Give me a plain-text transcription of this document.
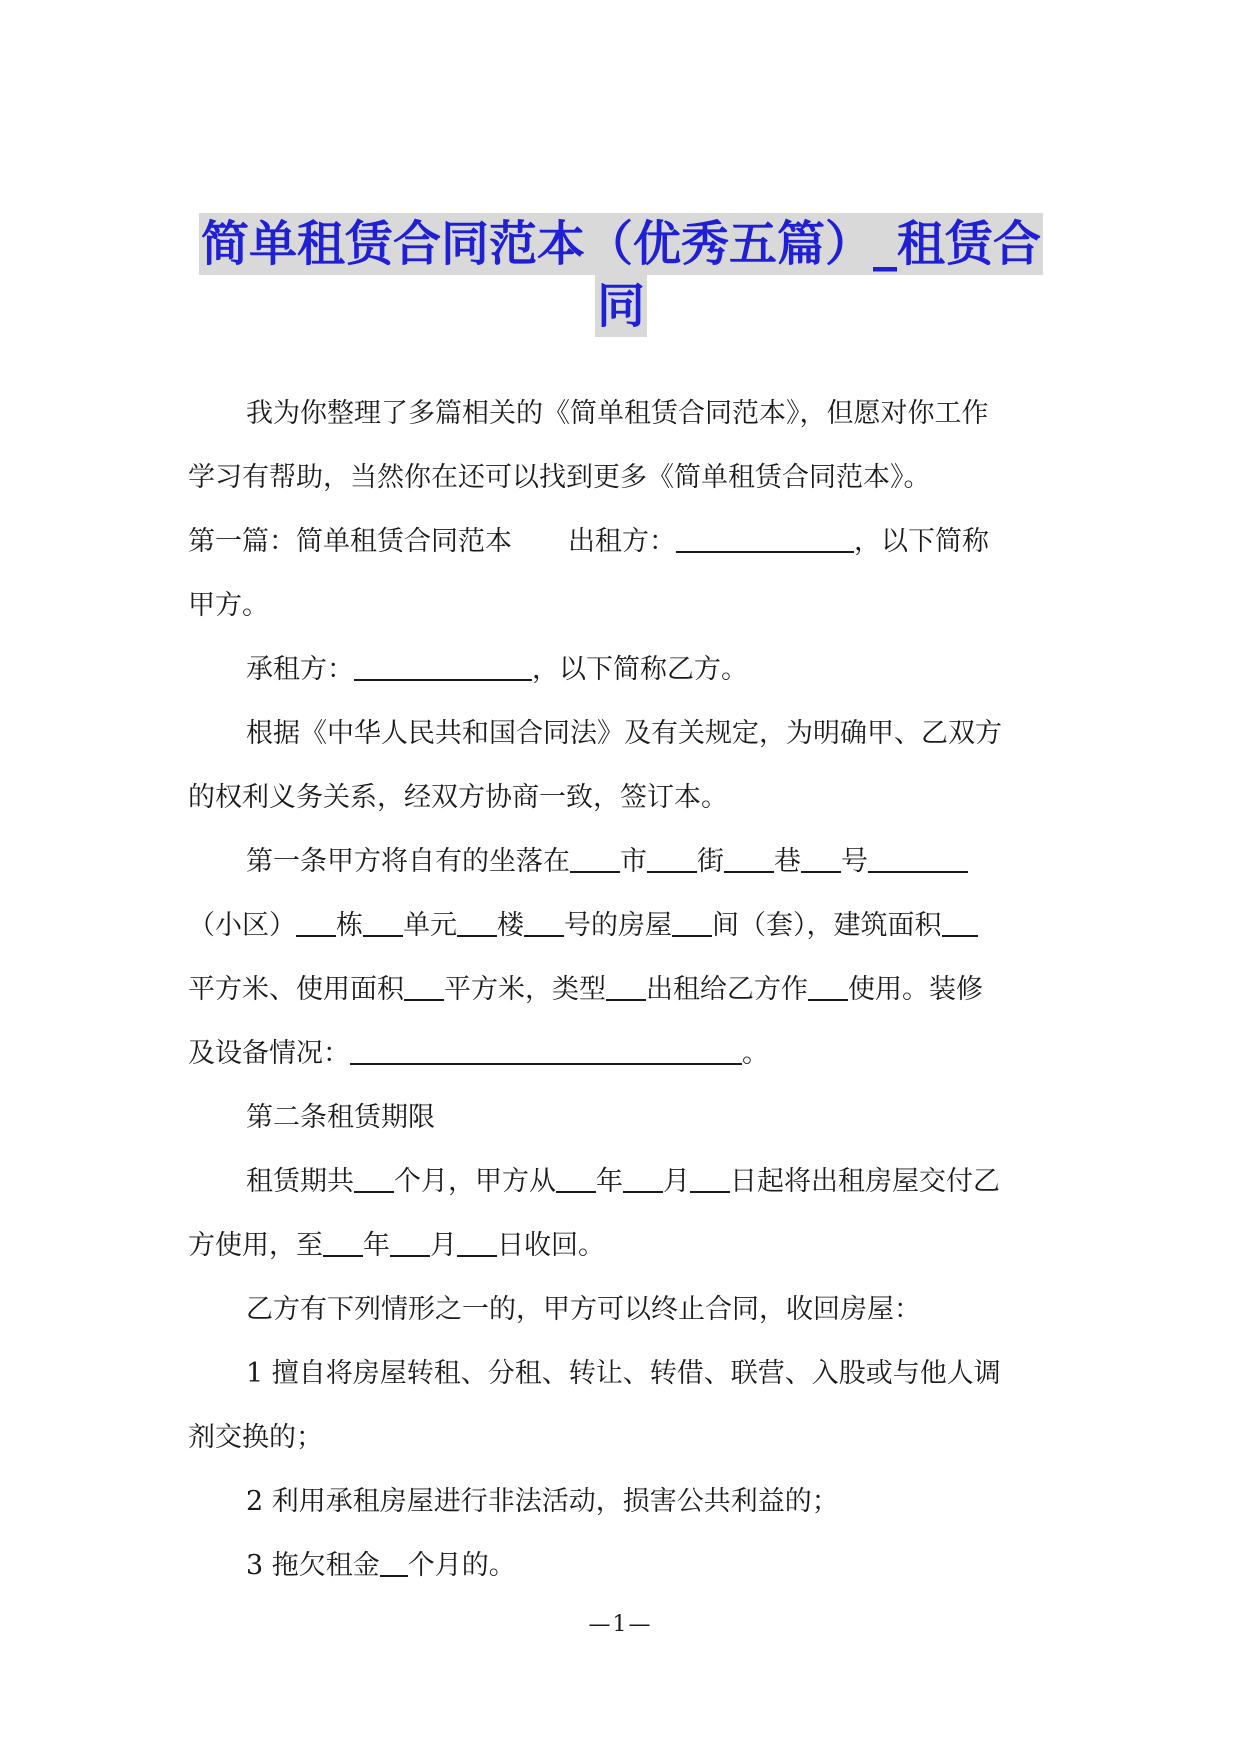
简单租赁合同范本（优秀五篇）_租赁合
同

我为你整理了多篇相关的《简单租赁合同范本》，但愿对你工作

学习有帮助，当然你在还可以找到更多《简单租赁合同范本》。

第一篇：简单租赁合同范本 出租方：	，以下简称

甲方。

承租方：	，以下简称乙方。

根据《中华人民共和国合同法》及有关规定，为明确甲、乙双方

的权利义务关系，经双方协商一致，签订本。

第一条甲方将自有的坐落在 市 街 巷 号

（小区） 栋 单元 楼 号的房屋 间（套），建筑面积

平方米、使用面积 平方米，类型 出租给乙方作 使用。装修

及设备情况：	。

第二条租赁期限

租赁期共 个月，甲方从 年 月 日起将出租房屋交付乙

方使用，至 年 月 日收回。

乙方有下列情形之一的，甲方可以终止合同，收回房屋：

1 擅自将房屋转租、分租、转让、转借、联营、入股或与他人调

剂交换的；

2 利用承租房屋进行非法活动，损害公共利益的；

3 拖欠租金 个月的。

—1—
